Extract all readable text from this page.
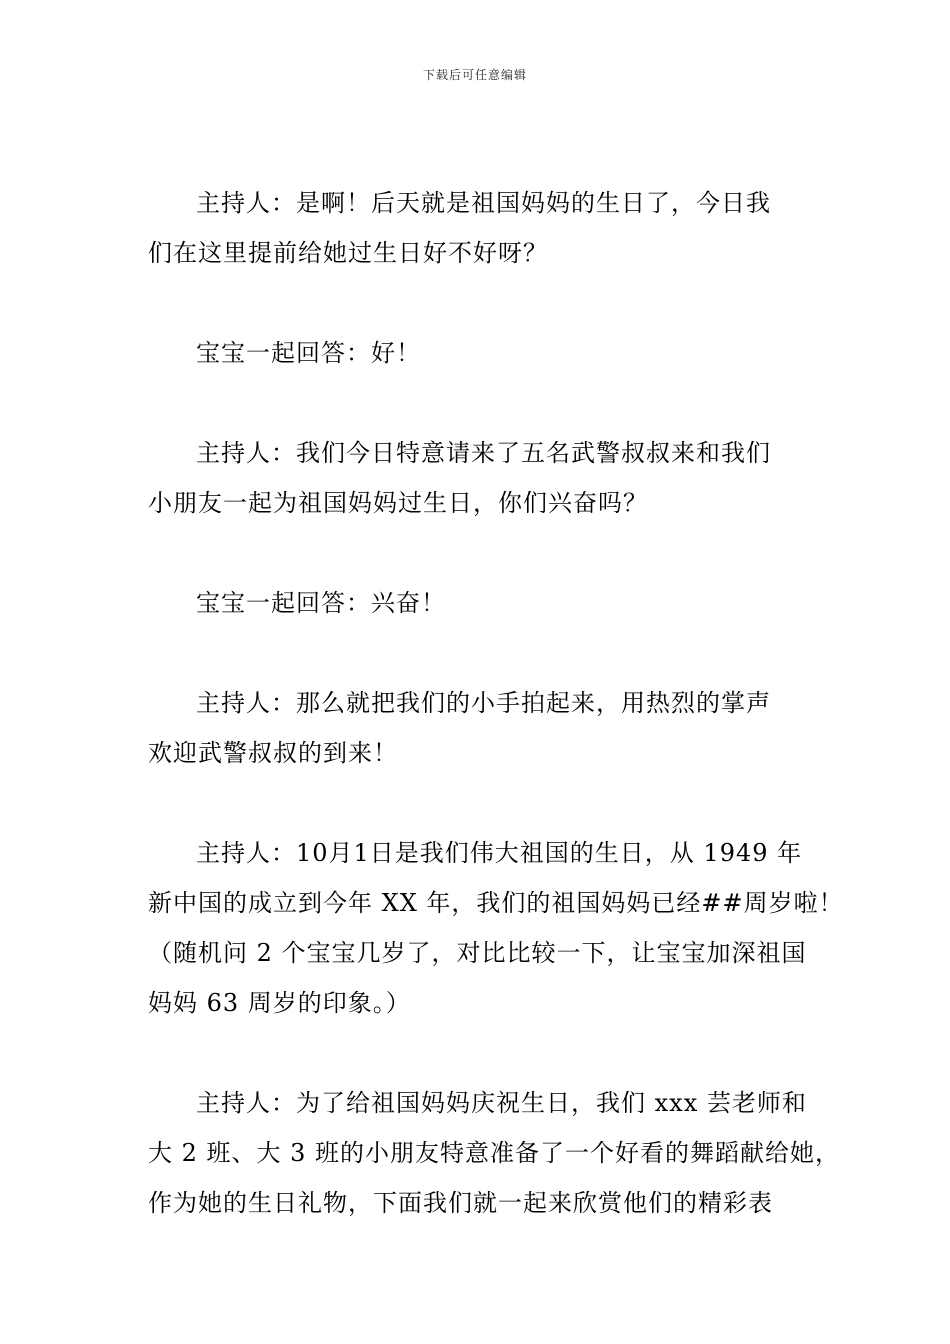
下载后可任意编辑

主持人：是啊！后天就是祖国妈妈的生日了，今日我
们在这里提前给她过生日好不好呀？

宝宝一起回答：好！

主持人：我们今日特意请来了五名武警叔叔来和我们
小朋友一起为祖国妈妈过生日，你们兴奋吗？

宝宝一起回答：兴奋！

主持人：那么就把我们的小手拍起来，用热烈的掌声
欢迎武警叔叔的到来！

主持人：10月1日是我们伟大祖国的生日，从 1949 年
新中国的成立到今年 XX 年，我们的祖国妈妈已经##周岁啦！
（随机问 2 个宝宝几岁了，对比比较一下，让宝宝加深祖国
妈妈 63 周岁的印象。）

主持人：为了给祖国妈妈庆祝生日，我们 xxx 芸老师和
大 2 班、大 3 班的小朋友特意准备了一个好看的舞蹈献给她，
作为她的生日礼物，下面我们就一起来欣赏他们的精彩表
